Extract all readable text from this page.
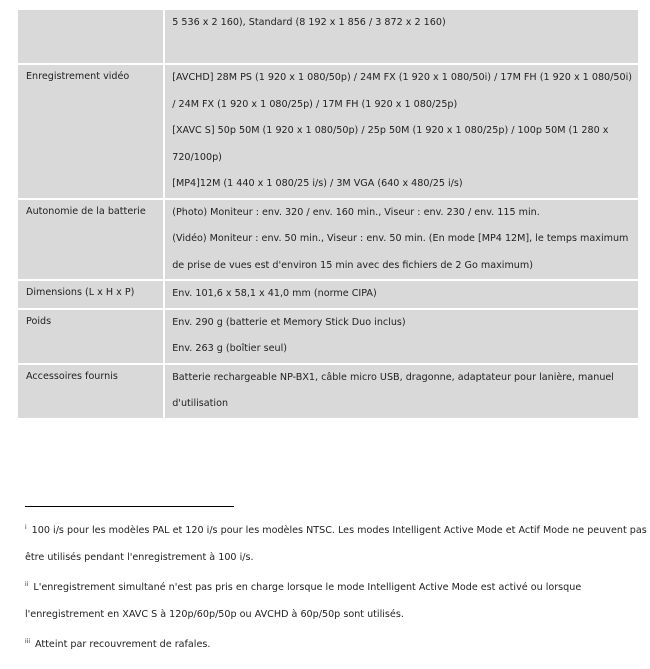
	5 536 x 2 160), Standard (8 192 x 1 856 / 3 872 x 2 160)

Enregistrement vidéo	[AVCHD] 28M PS (1 920 x 1 080/50p) / 24M FX (1 920 x 1 080/50i) / 17M FH (1 920 x 1 080/50i)
/ 24M FX (1 920 x 1 080/25p) / 17M FH (1 920 x 1 080/25p)
[XAVC S] 50p 50M (1 920 x 1 080/50p) / 25p 50M (1 920 x 1 080/25p) / 100p 50M (1 280 x
720/100p)
[MP4]12M (1 440 x 1 080/25 i/s) / 3M VGA (640 x 480/25 i/s)

Autonomie de la batterie	(Photo) Moniteur : env. 320 / env. 160 min., Viseur : env. 230 / env. 115 min.
(Vidéo) Moniteur : env. 50 min., Viseur : env. 50 min. (En mode [MP4 12M], le temps maximum
de prise de vues est d'environ 15 min avec des fichiers de 2 Go maximum)

Dimensions (L x H x P)	Env. 101,6 x 58,1 x 41,0 mm (norme CIPA)

Poids	Env. 290 g (batterie et Memory Stick Duo inclus)
Env. 263 g (boîtier seul)

Accessoires fournis	Batterie rechargeable NP-BX1, câble micro USB, dragonne, adaptateur pour lanière, manuel
d'utilisation
$^i$ 100 i/s pour les modèles PAL et 120 i/s pour les modèles NTSC. Les modes Intelligent Active Mode et Actif Mode ne peuvent pas
être utilisés pendant l'enregistrement à 100 i/s.
$^{ii}$ L'enregistrement simultané n'est pas pris en charge lorsque le mode Intelligent Active Mode est activé ou lorsque
l'enregistrement en XAVC S à 120p/60p/50p ou AVCHD à 60p/50p sont utilisés.
$^{iii}$ Atteint par recouvrement de rafales.
